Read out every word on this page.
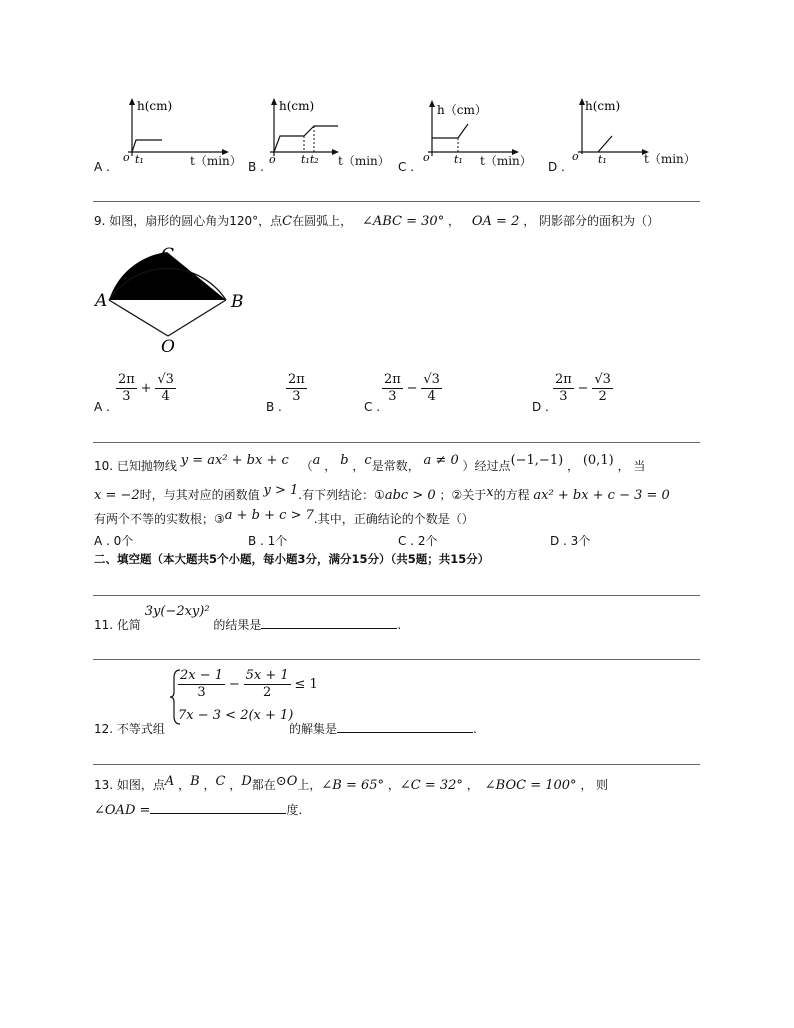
A .
o t₁
h(cm)
t（min） B .
o t₁t₂
h(cm)
t（min） C .
o t₁
h（cm）
t（min） D .
o t₁
h(cm)
t（min）
9. 如图，扇形的圆心角为120°，点C在圆弧上， ∠ABC = 30° ， OA = 2 ， 阴影部分的面积为（）
A	B
C
O
A .
$\frac{2\pi}{3} + \frac{√3}{4}$
B .
$\frac{2\pi}{3}$
C .
$\frac{2\pi}{3} - \frac{√3}{4}$
D .
$\frac{2\pi}{3} - \frac{√3}{2}$
10. 已知抛物线 y = ax² + bx + c （a ， b ，c是常数， a ≠ 0 ）经过点(−1,−1) ， (0,1) ， 当
x = −2时，与其对应的函数值 y > 1.有下列结论：①abc > 0 ；②关于x的方程 ax² + bx + c − 3 = 0
有两个不等的实数根；③a + b + c > 7.其中，正确结论的个数是（）
A . 0个	B . 1个	C . 2个	D . 3个
二、填空题（本大题共5个小题，每小题3分，满分15分）（共5题；共15分）
11. 化简 3y(−2xy)² 的结果是	.
12. 不等式组
$\frac{2x - 1}{3} - \frac{5x + 1}{2} \le 1$
7x − 3 < 2(x + 1)
的解集是	.
13. 如图，点A ，B ，C ，D都在⊙O上，∠B = 65° ，∠C = 32° ， ∠BOC = 100° ， 则
∠OAD =	度.
